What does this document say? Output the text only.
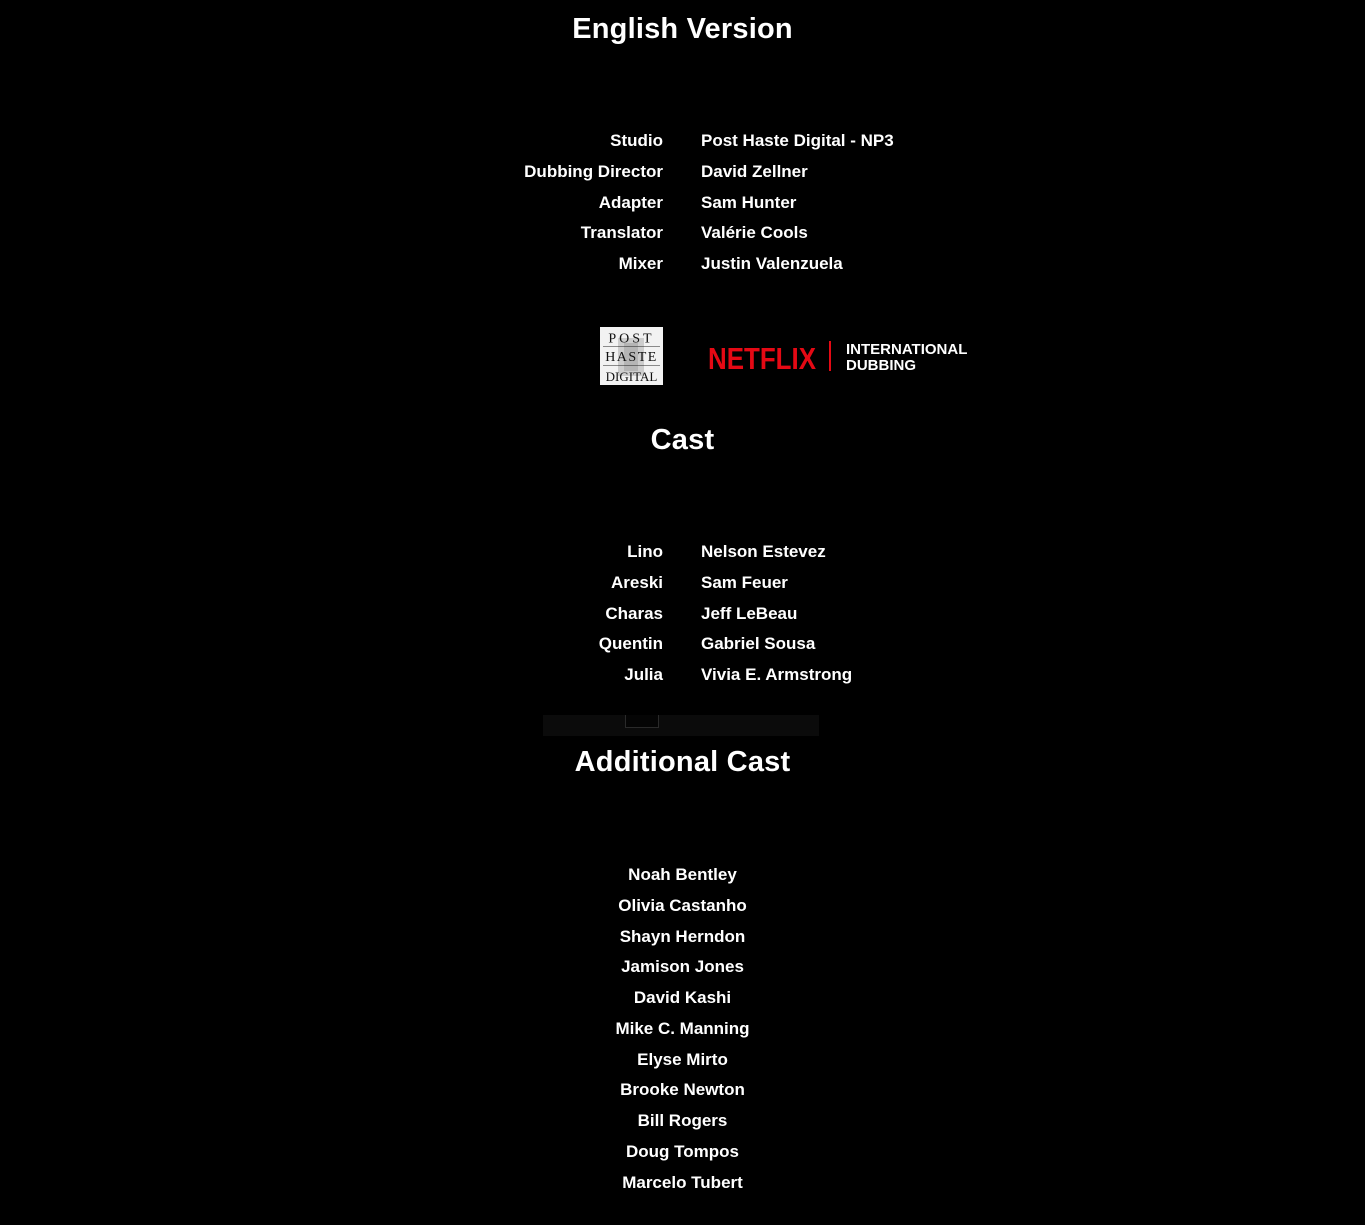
English Version
Studio Post Haste Digital - NP3
Dubbing Director David Zellner
Adapter Sam Hunter
Translator Valérie Cools
Mixer Justin Valenzuela
POST
HASTE
DIGITAL
NETFLIX INTERNATIONAL
DUBBING
Cast
Lino Nelson Estevez
Areski Sam Feuer
Charas Jeff LeBeau
Quentin Gabriel Sousa
Julia Vivia E. Armstrong
Additional Cast
Noah Bentley
Olivia Castanho
Shayn Herndon
Jamison Jones
David Kashi
Mike C. Manning
Elyse Mirto
Brooke Newton
Bill Rogers
Doug Tompos
Marcelo Tubert
